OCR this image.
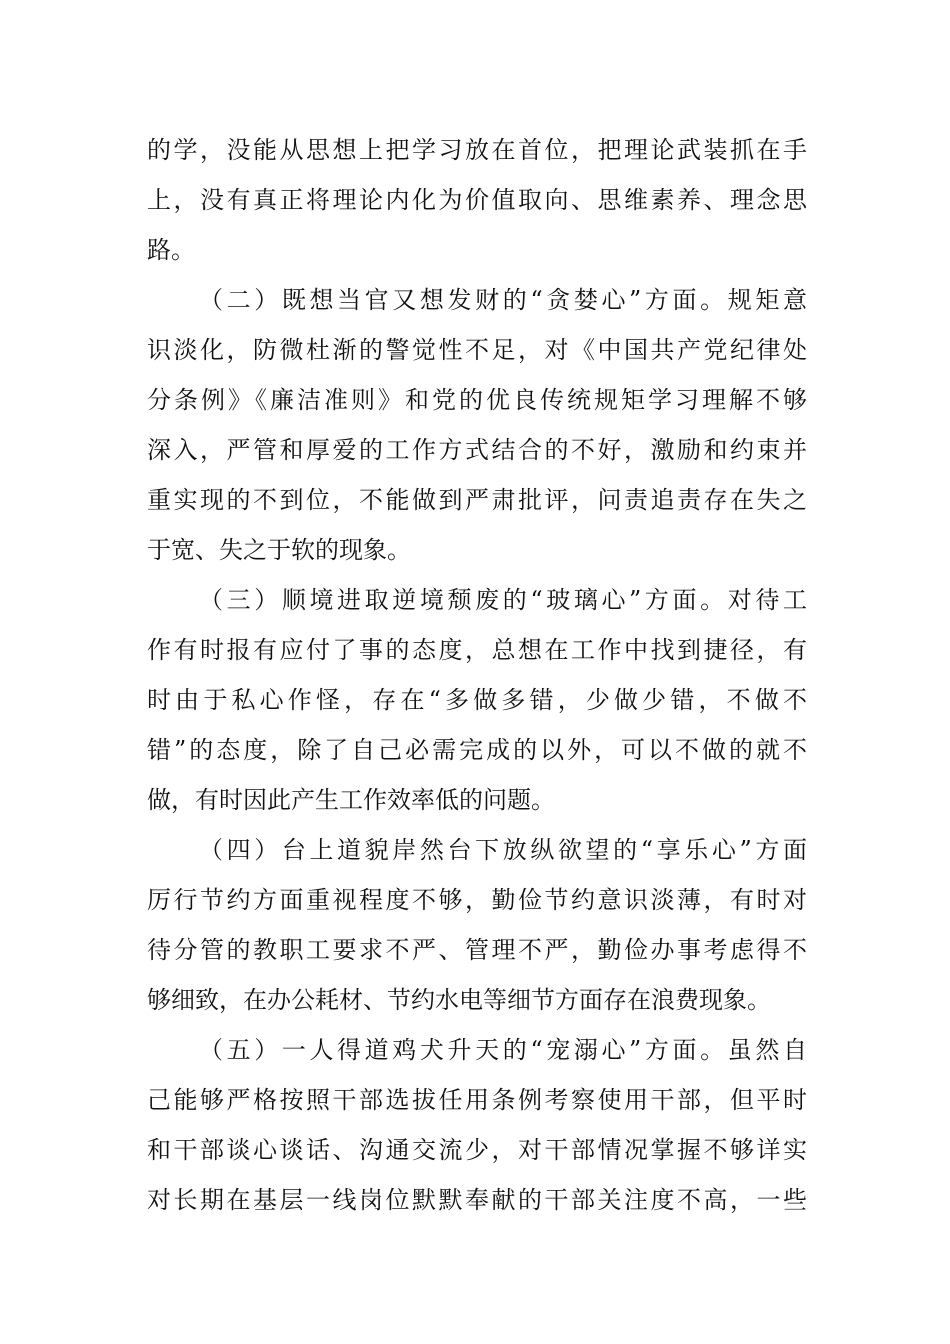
的学，没能从思想上把学习放在首位，把理论武装抓在手
上，没有真正将理论内化为价值取向、思维素养、理念思
路。
（二）既想当官又想发财的“贪婪心”方面。规矩意
识淡化，防微杜渐的警觉性不足，对《中国共产党纪律处
分条例》《廉洁准则》和党的优良传统规矩学习理解不够
深入，严管和厚爱的工作方式结合的不好，激励和约束并
重实现的不到位，不能做到严肃批评，问责追责存在失之
于宽、失之于软的现象。
（三）顺境进取逆境颓废的“玻璃心”方面。对待工
作有时报有应付了事的态度，总想在工作中找到捷径，有
时由于私心作怪，存在“多做多错，少做少错，不做不
错”的态度，除了自己必需完成的以外，可以不做的就不
做，有时因此产生工作效率低的问题。
（四）台上道貌岸然台下放纵欲望的“享乐心”方面
厉行节约方面重视程度不够，勤俭节约意识淡薄，有时对
待分管的教职工要求不严、管理不严，勤俭办事考虑得不
够细致，在办公耗材、节约水电等细节方面存在浪费现象。
（五）一人得道鸡犬升天的“宠溺心”方面。虽然自
己能够严格按照干部选拔任用条例考察使用干部，但平时
和干部谈心谈话、沟通交流少，对干部情况掌握不够详实
对长期在基层一线岗位默默奉献的干部关注度不高，一些
